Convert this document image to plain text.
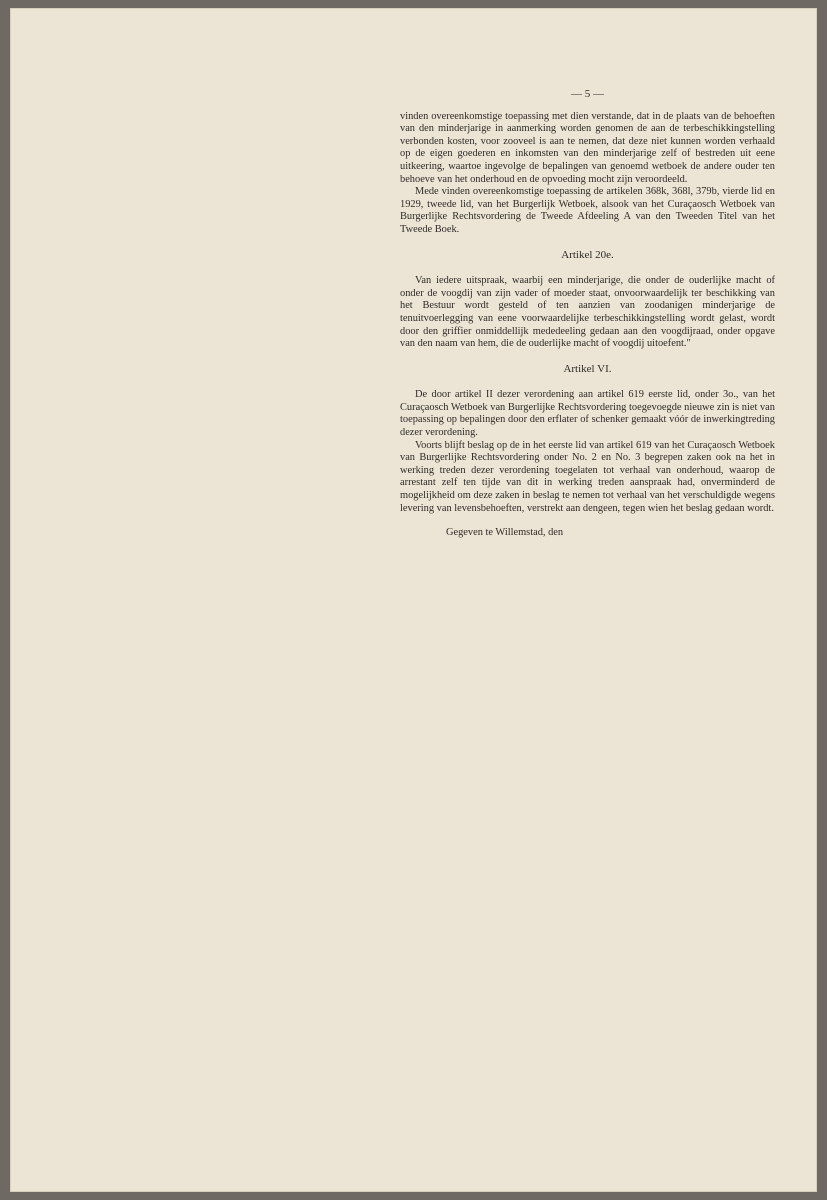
— 5 —

vinden overeenkomstige toepassing met dien verstande, dat in de plaats van de behoeften van den minderjarige in aanmerking worden genomen de aan de terbeschikkingstelling verbonden kosten, voor zooveel is aan te nemen, dat deze niet kunnen worden verhaald op de eigen goederen en inkomsten van den minderjarige zelf of bestreden uit eene uitkeering, waartoe ingevolge de bepalingen van genoemd wetboek de andere ouder ten behoeve van het onderhoud en de opvoeding mocht zijn veroordeeld.

Mede vinden overeenkomstige toepassing de artikelen 368k, 368l, 379b, vierde lid en 1929, tweede lid, van het Burgerlijk Wetboek, alsook van het Curaçaosch Wetboek van Burgerlijke Rechtsvordering de Tweede Afdeeling A van den Tweeden Titel van het Tweede Boek.

Artikel 20e.

Van iedere uitspraak, waarbij een minderjarige, die onder de ouderlijke macht of onder de voogdij van zijn vader of moeder staat, onvoorwaardelijk ter beschikking van het Bestuur wordt gesteld of ten aanzien van zoodanigen minderjarige de tenuitvoerlegging van eene voorwaardelijke terbeschikkingstelling wordt gelast, wordt door den griffier onmiddellijk mededeeling gedaan aan den voogdijraad, onder opgave van den naam van hem, die de ouderlijke macht of voogdij uitoefent."

Artikel VI.

De door artikel II dezer verordening aan artikel 619 eerste lid, onder 3o., van het Curaçaosch Wetboek van Burgerlijke Rechtsvordering toegevoegde nieuwe zin is niet van toepassing op bepalingen door den erflater of schenker gemaakt vóór de inwerkingtreding dezer verordening.

Voorts blijft beslag op de in het eerste lid van artikel 619 van het Curaçaosch Wetboek van Burgerlijke Rechtsvordering onder No. 2 en No. 3 begrepen zaken ook na het in werking treden dezer verordening toegelaten tot verhaal van onderhoud, waarop de arrestant zelf ten tijde van dit in werking treden aanspraak had, onverminderd de mogelijkheid om deze zaken in beslag te nemen tot verhaal van het verschuldigde wegens levering van levensbehoeften, verstrekt aan dengeen, tegen wien het beslag gedaan wordt.

Gegeven te Willemstad, den
